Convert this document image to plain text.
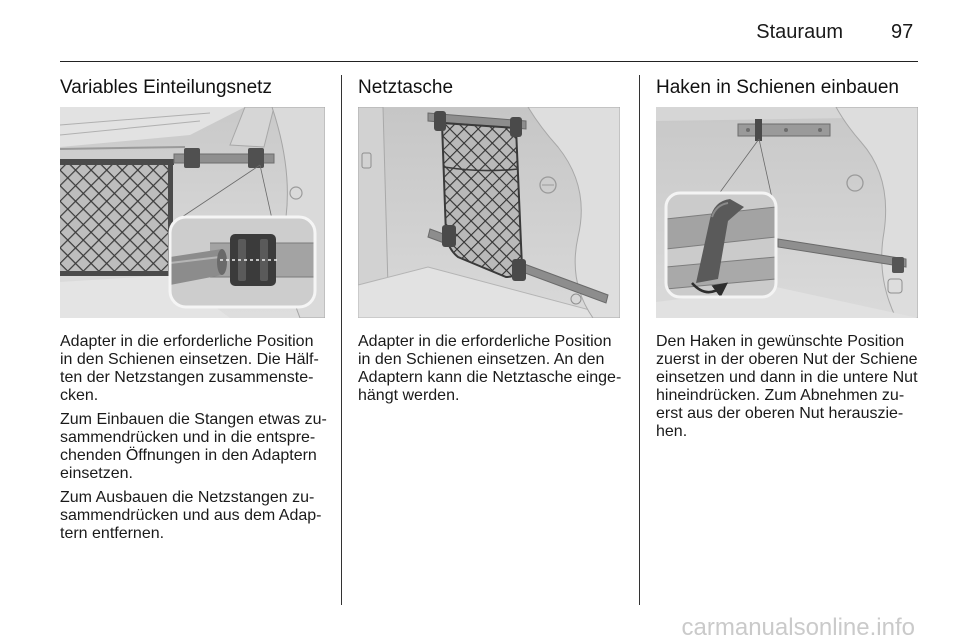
Stauraum 97
Variables Einteilungsnetz

Adapter in die erforderliche Position
in den Schienen einsetzen. Die Hälf-
ten der Netzstangen zusammenste-
cken.

Zum Einbauen die Stangen etwas zu-
sammendrücken und in die entspre-
chenden Öffnungen in den Adaptern
einsetzen.

Zum Ausbauen die Netzstangen zu-
sammendrücken und aus dem Adap-
tern entfernen.

Netztasche

Adapter in die erforderliche Position
in den Schienen einsetzen. An den
Adaptern kann die Netztasche einge-
hängt werden.

Haken in Schienen einbauen

Den Haken in gewünschte Position
zuerst in der oberen Nut der Schiene
einsetzen und dann in die untere Nut
hineindrücken. Zum Abnehmen zu-
erst aus der oberen Nut herauszie-
hen.

carmanualsonline.info
